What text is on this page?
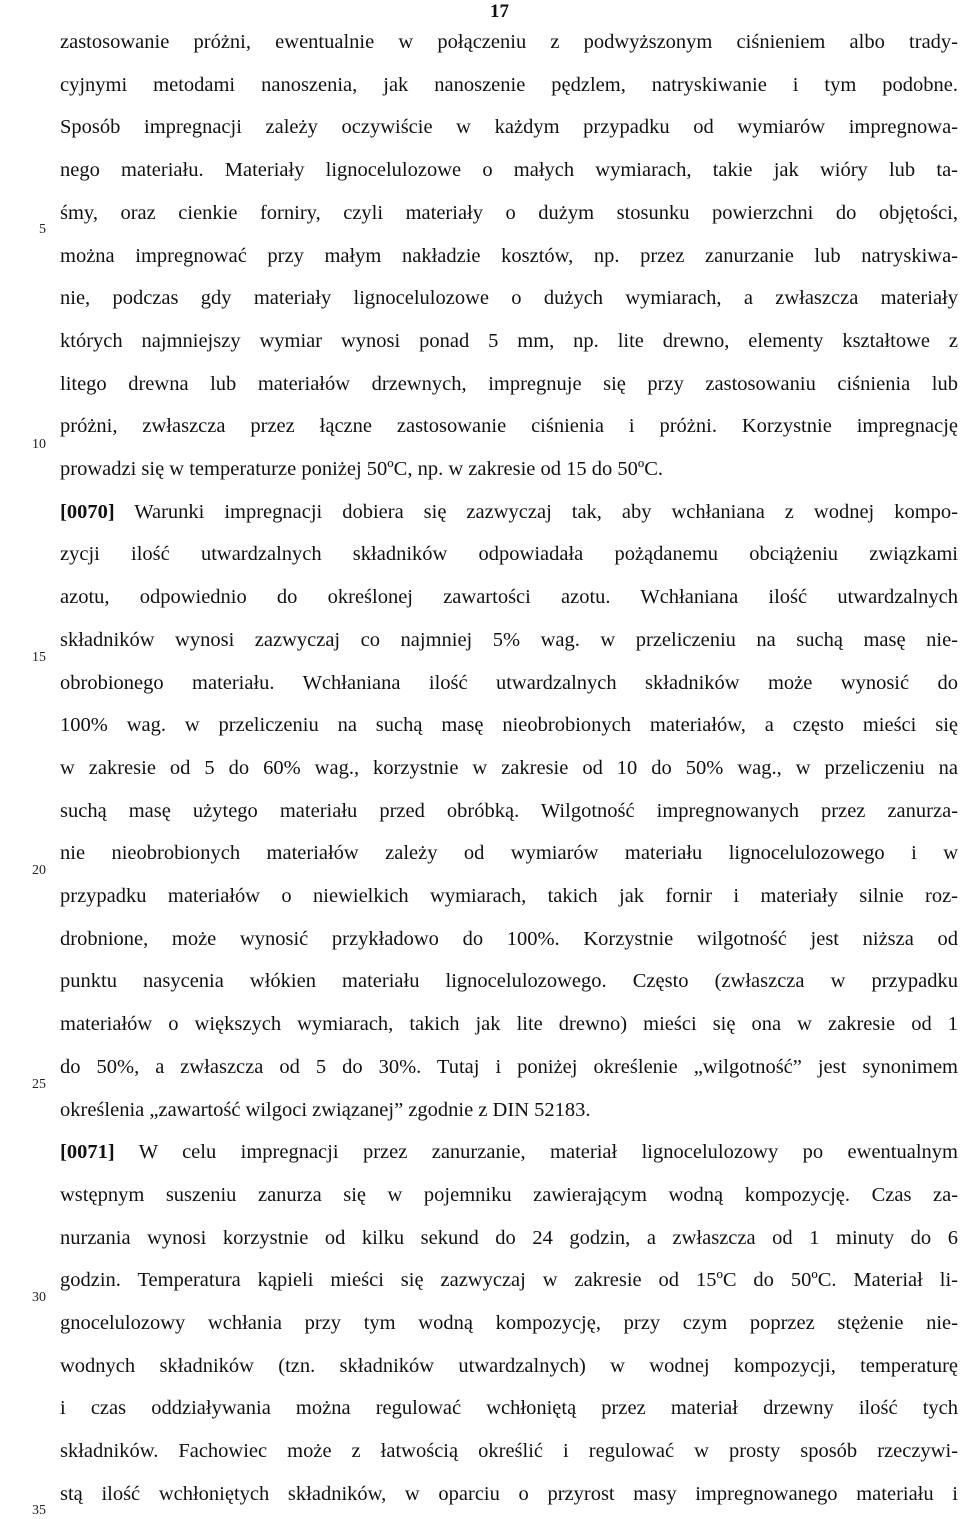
17
5
10
15
20
25
30
35
zastosowanie próżni, ewentualnie w połączeniu z podwyższonym ciśnieniem albo trady-
cyjnymi metodami nanoszenia, jak nanoszenie pędzlem, natryskiwanie i tym podobne.
Sposób impregnacji zależy oczywiście w każdym przypadku od wymiarów impregnowa-
nego materiału. Materiały lignocelulozowe o małych wymiarach, takie jak wióry lub ta-
śmy, oraz cienkie forniry, czyli materiały o dużym stosunku powierzchni do objętości,
można impregnować przy małym nakładzie kosztów, np. przez zanurzanie lub natryskiwa-
nie, podczas gdy materiały lignocelulozowe o dużych wymiarach, a zwłaszcza materiały
których najmniejszy wymiar wynosi ponad 5 mm, np. lite drewno, elementy kształtowe z
litego drewna lub materiałów drzewnych, impregnuje się przy zastosowaniu ciśnienia lub
próżni, zwłaszcza przez łączne zastosowanie ciśnienia i próżni. Korzystnie impregnację
prowadzi się w temperaturze poniżej 50ºC, np. w zakresie od 15 do 50ºC.
[0070] Warunki impregnacji dobiera się zazwyczaj tak, aby wchłaniana z wodnej kompo-
zycji ilość utwardzalnych składników odpowiadała pożądanemu obciążeniu związkami
azotu, odpowiednio do określonej zawartości azotu. Wchłaniana ilość utwardzalnych
składników wynosi zazwyczaj co najmniej 5% wag. w przeliczeniu na suchą masę nie-
obrobionego materiału. Wchłaniana ilość utwardzalnych składników może wynosić do
100% wag. w przeliczeniu na suchą masę nieobrobionych materiałów, a często mieści się
w zakresie od 5 do 60% wag., korzystnie w zakresie od 10 do 50% wag., w przeliczeniu na
suchą masę użytego materiału przed obróbką. Wilgotność impregnowanych przez zanurza-
nie nieobrobionych materiałów zależy od wymiarów materiału lignocelulozowego i w
przypadku materiałów o niewielkich wymiarach, takich jak fornir i materiały silnie roz-
drobnione, może wynosić przykładowo do 100%. Korzystnie wilgotność jest niższa od
punktu nasycenia włókien materiału lignocelulozowego. Często (zwłaszcza w przypadku
materiałów o większych wymiarach, takich jak lite drewno) mieści się ona w zakresie od 1
do 50%, a zwłaszcza od 5 do 30%. Tutaj i poniżej określenie „wilgotność” jest synonimem
określenia „zawartość wilgoci związanej” zgodnie z DIN 52183.
[0071] W celu impregnacji przez zanurzanie, materiał lignocelulozowy po ewentualnym
wstępnym suszeniu zanurza się w pojemniku zawierającym wodną kompozycję. Czas za-
nurzania wynosi korzystnie od kilku sekund do 24 godzin, a zwłaszcza od 1 minuty do 6
godzin. Temperatura kąpieli mieści się zazwyczaj w zakresie od 15ºC do 50ºC. Materiał li-
gnocelulozowy wchłania przy tym wodną kompozycję, przy czym poprzez stężenie nie-
wodnych składników (tzn. składników utwardzalnych) w wodnej kompozycji, temperaturę
i czas oddziaływania można regulować wchłoniętą przez materiał drzewny ilość tych
składników. Fachowiec może z łatwością określić i regulować w prosty sposób rzeczywi-
stą ilość wchłoniętych składników, w oparciu o przyrost masy impregnowanego materiału i
